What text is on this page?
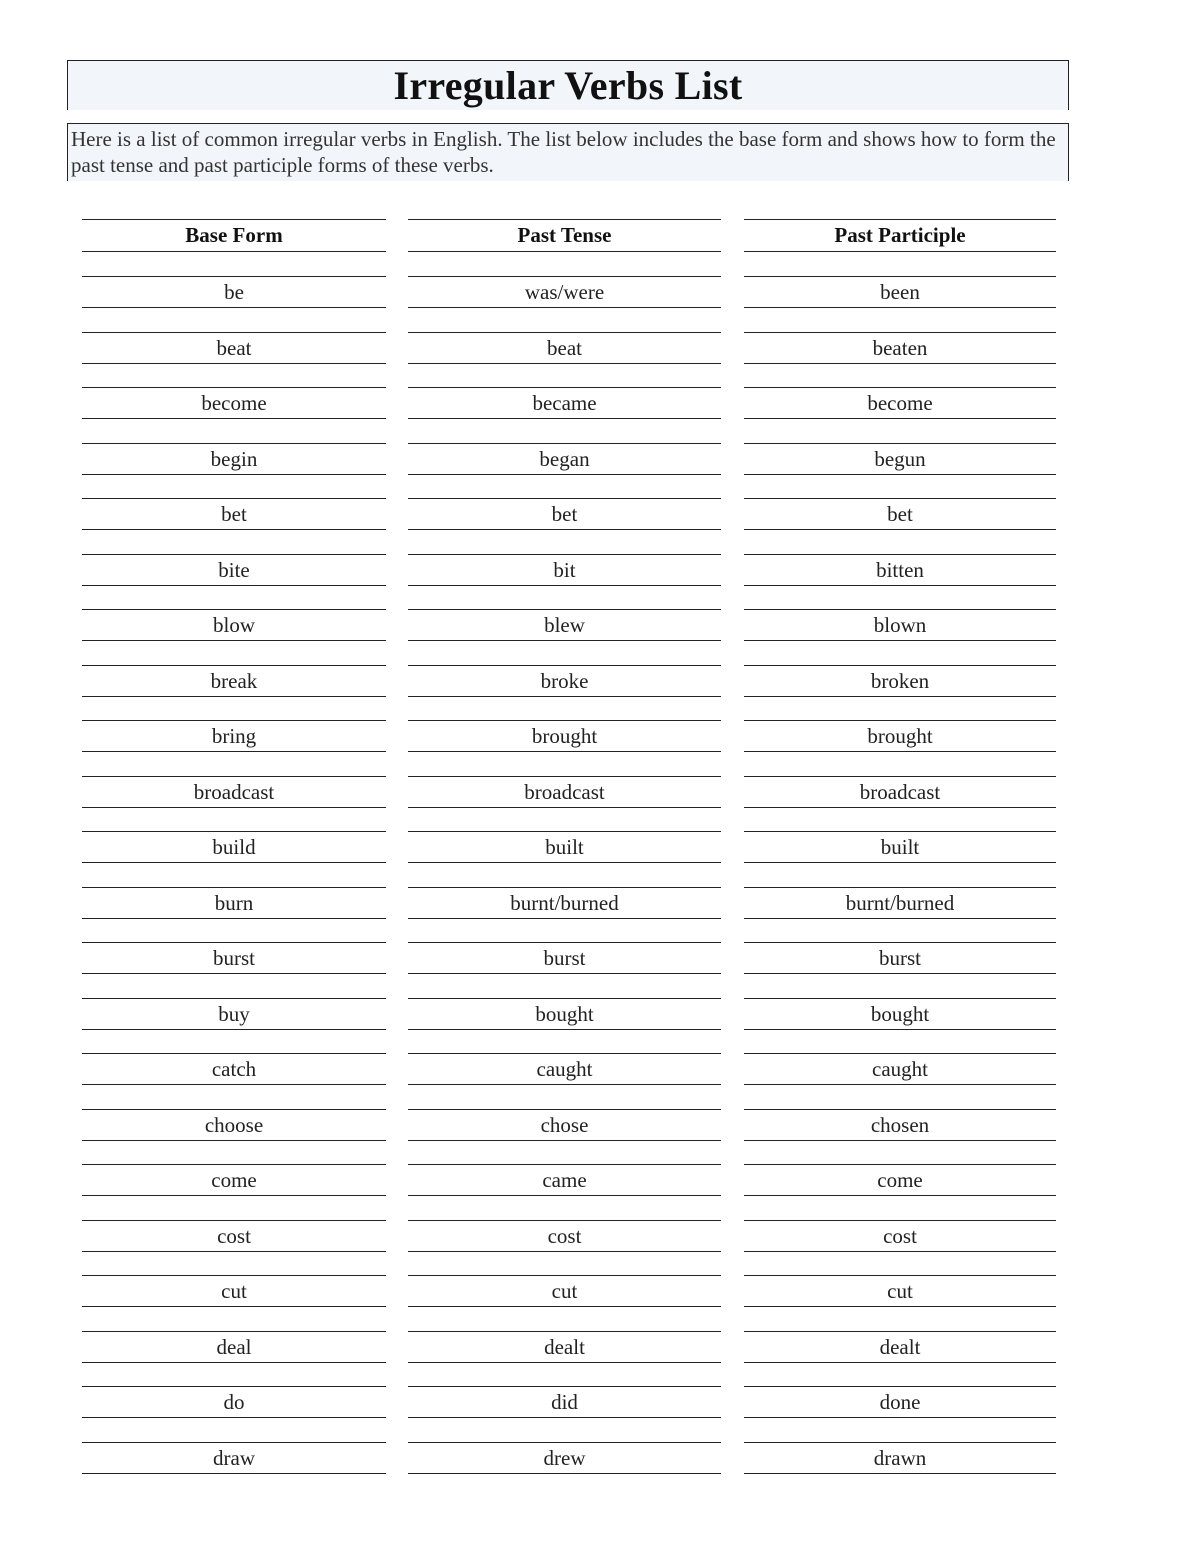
Irregular Verbs List
Here is a list of common irregular verbs in English. The list below includes the base form and shows how to form the past tense and past participle forms of these verbs.
Base Form
be
beat
become
begin
bet
bite
blow
break
bring
broadcast
build
burn
burst
buy
catch
choose
come
cost
cut
deal
do
draw
Past Tense
was/were
beat
became
began
bet
bit
blew
broke
brought
broadcast
built
burnt/burned
burst
bought
caught
chose
came
cost
cut
dealt
did
drew
Past Participle
been
beaten
become
begun
bet
bitten
blown
broken
brought
broadcast
built
burnt/burned
burst
bought
caught
chosen
come
cost
cut
dealt
done
drawn
